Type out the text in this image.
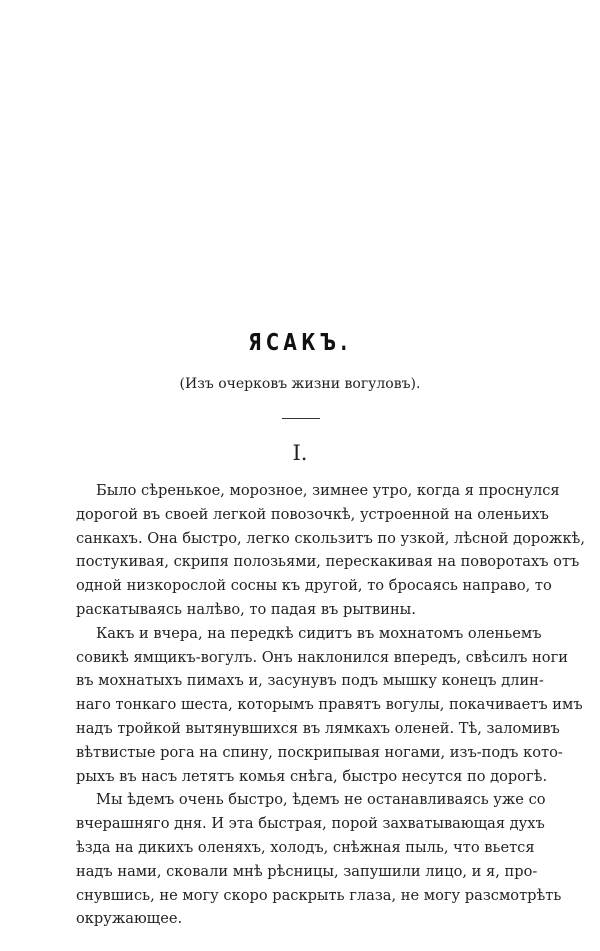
ЯСАКЪ.
(Изъ очерковъ жизни вогуловъ).
I.
Было сѣренькое, морозное, зимнее утро, когда я проснулся
дорогой въ своей легкой повозочкѣ, устроенной на оленьихъ
санкахъ. Она быстро, легко скользитъ по узкой, лѣсной дорожкѣ,
постукивая, скрипя полозьями, перескакивая на поворотахъ отъ
одной низкорослой сосны къ другой, то бросаясь направо, то
раскатываясь налѣво, то падая въ рытвины.
Какъ и вчера, на передкѣ сидитъ въ мохнатомъ оленьемъ
совикѣ ямщикъ-вогулъ. Онъ наклонился впередъ, свѣсилъ ноги
въ мохнатыхъ пимахъ и, засунувъ подъ мышку конецъ длин-
наго тонкаго шеста, которымъ правятъ вогулы, покачиваетъ имъ
надъ тройкой вытянувшихся въ лямкахъ оленей. Тѣ, заломивъ
вѣтвистые рога на спину, поскрипывая ногами, изъ-подъ кото-
рыхъ въ насъ летятъ комья снѣга, быстро несутся по дорогѣ.
Мы ѣдемъ очень быстро, ѣдемъ не останавливаясь уже со
вчерашняго дня. И эта быстрая, порой захватывающая духъ
ѣзда на дикихъ оленяхъ, холодъ, снѣжная пыль, что вьется
надъ нами, сковали мнѣ рѣсницы, запушили лицо, и я, про-
снувшись, не могу скоро раскрыть глаза, не могу разсмотрѣть
окружающее.
